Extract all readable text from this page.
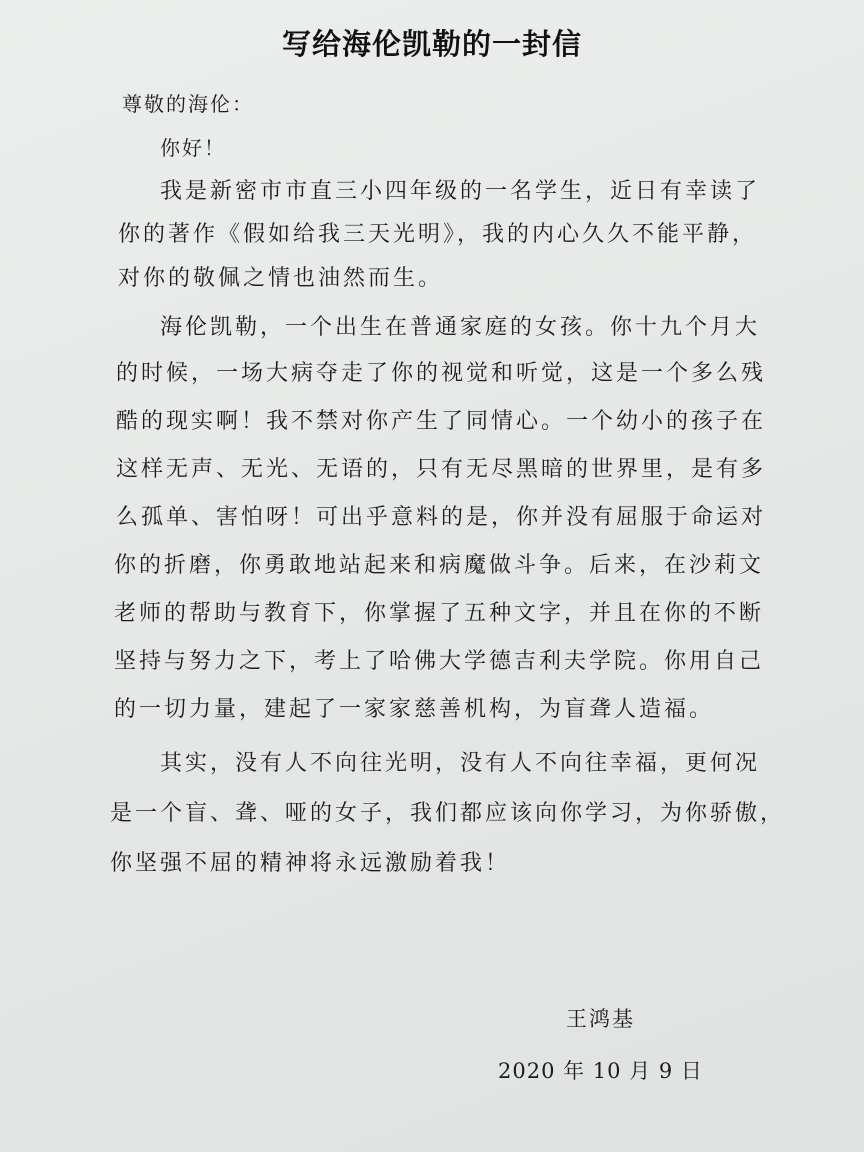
写给海伦凯勒的一封信
尊敬的海伦：
你好！
我是新密市市直三小四年级的一名学生，近日有幸读了
你的著作《假如给我三天光明》，我的内心久久不能平静，
对你的敬佩之情也油然而生。
海伦凯勒，一个出生在普通家庭的女孩。你十九个月大
的时候，一场大病夺走了你的视觉和听觉，这是一个多么残
酷的现实啊！我不禁对你产生了同情心。一个幼小的孩子在
这样无声、无光、无语的，只有无尽黑暗的世界里，是有多
么孤单、害怕呀！可出乎意料的是，你并没有屈服于命运对
你的折磨，你勇敢地站起来和病魔做斗争。后来，在沙莉文
老师的帮助与教育下，你掌握了五种文字，并且在你的不断
坚持与努力之下，考上了哈佛大学德吉利夫学院。你用自己
的一切力量，建起了一家家慈善机构，为盲聋人造福。
其实，没有人不向往光明，没有人不向往幸福，更何况
是一个盲、聋、哑的女子，我们都应该向你学习，为你骄傲，
你坚强不屈的精神将永远激励着我！
王鸿基
2020 年 10 月 9 日
